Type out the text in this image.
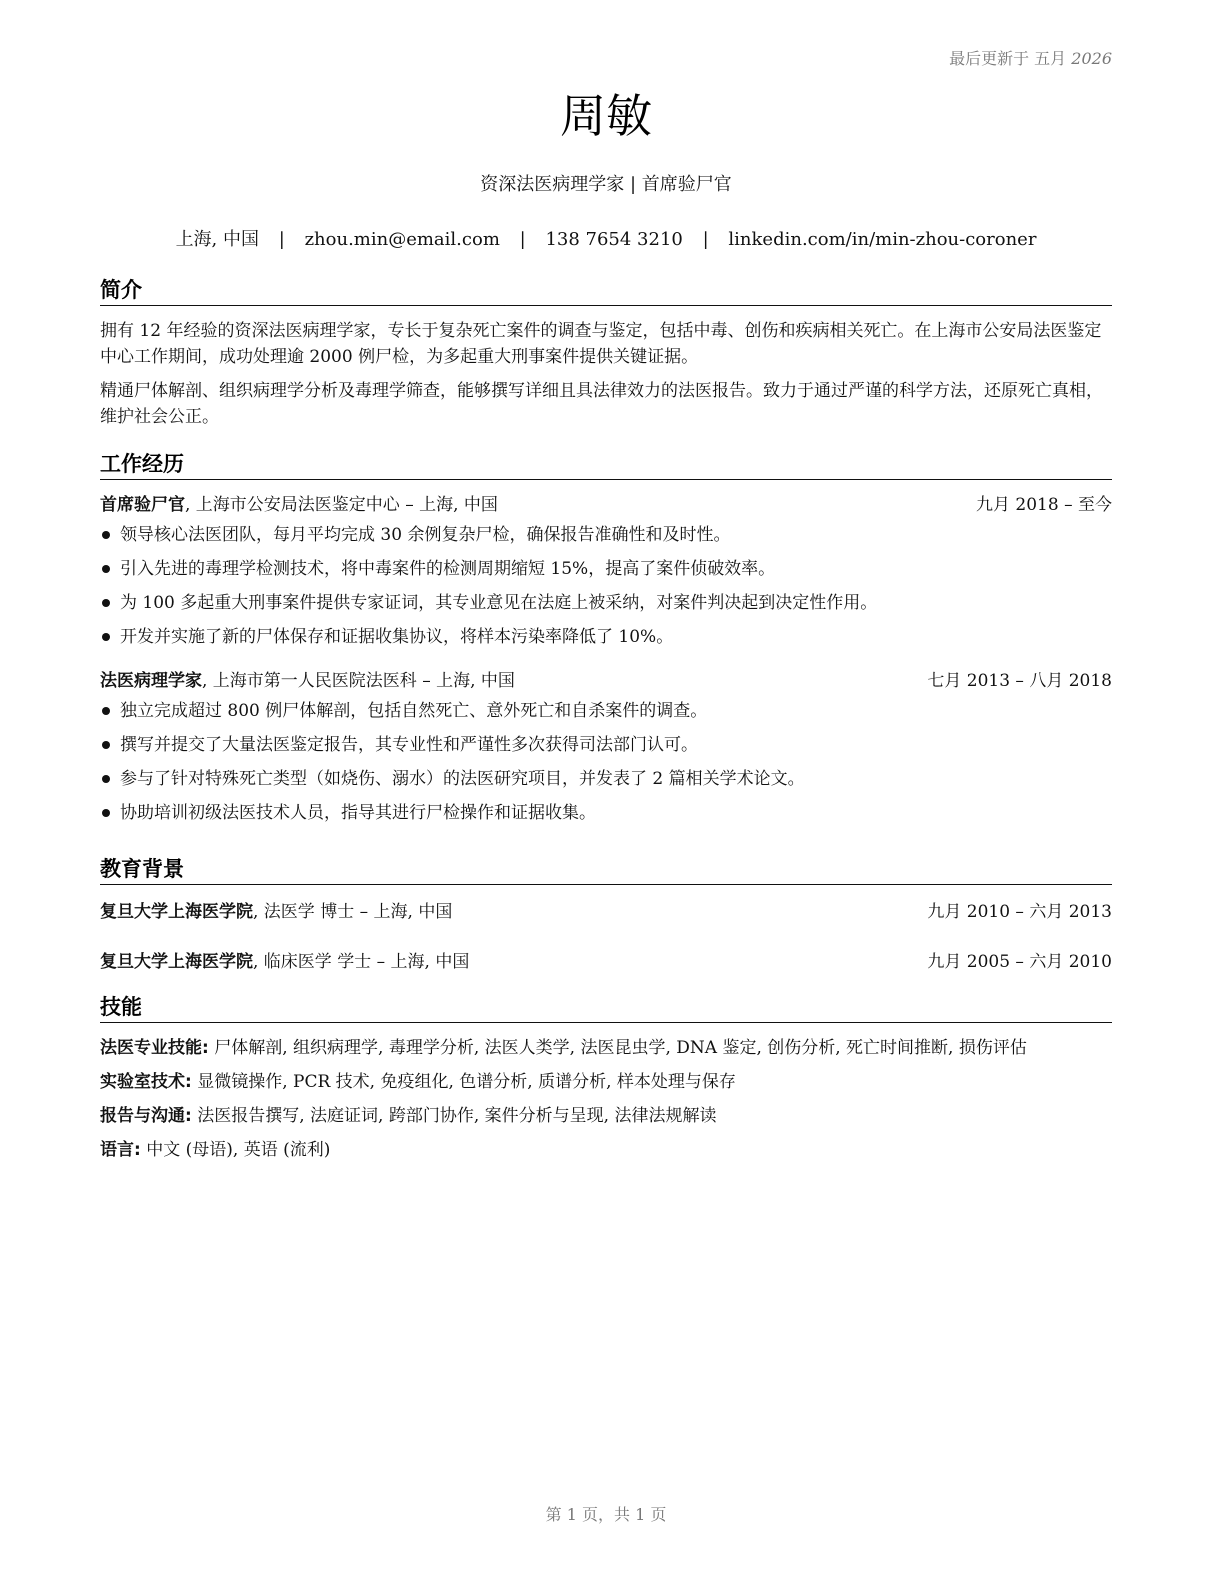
最后更新于 五月 2026
周敏
资深法医病理学家 | 首席验尸官
上海, 中国 | zhou.min@email.com | 138 7654 3210 | linkedin.com/in/min-zhou-coroner
简介

拥有 12 年经验的资深法医病理学家，专长于复杂死亡案件的调查与鉴定，包括中毒、创伤和疾病相关死亡。在上海市公安局法医鉴定中心工作期间，成功处理逾 2000 例尸检，为多起重大刑事案件提供关键证据。

精通尸体解剖、组织病理学分析及毒理学筛查，能够撰写详细且具法律效力的法医报告。致力于通过严谨的科学方法，还原死亡真相，维护社会公正。

工作经历
首席验尸官, 上海市公安局法医鉴定中心 – 上海, 中国	九月 2018 – 至今
领导核心法医团队，每月平均完成 30 余例复杂尸检，确保报告准确性和及时性。
引入先进的毒理学检测技术，将中毒案件的检测周期缩短 15%，提高了案件侦破效率。
为 100 多起重大刑事案件提供专家证词，其专业意见在法庭上被采纳，对案件判决起到决定性作用。
开发并实施了新的尸体保存和证据收集协议，将样本污染率降低了 10%。
法医病理学家, 上海市第一人民医院法医科 – 上海, 中国	七月 2013 – 八月 2018
独立完成超过 800 例尸体解剖，包括自然死亡、意外死亡和自杀案件的调查。
撰写并提交了大量法医鉴定报告，其专业性和严谨性多次获得司法部门认可。
参与了针对特殊死亡类型（如烧伤、溺水）的法医研究项目，并发表了 2 篇相关学术论文。
协助培训初级法医技术人员，指导其进行尸检操作和证据收集。
教育背景
复旦大学上海医学院, 法医学 博士 – 上海, 中国	九月 2010 – 六月 2013
复旦大学上海医学院, 临床医学 学士 – 上海, 中国	九月 2005 – 六月 2010
技能

法医专业技能: 尸体解剖, 组织病理学, 毒理学分析, 法医人类学, 法医昆虫学, DNA 鉴定, 创伤分析, 死亡时间推断, 损伤评估

实验室技术: 显微镜操作, PCR 技术, 免疫组化, 色谱分析, 质谱分析, 样本处理与保存

报告与沟通: 法医报告撰写, 法庭证词, 跨部门协作, 案件分析与呈现, 法律法规解读

语言: 中文 (母语), 英语 (流利)

第 1 页，共 1 页
